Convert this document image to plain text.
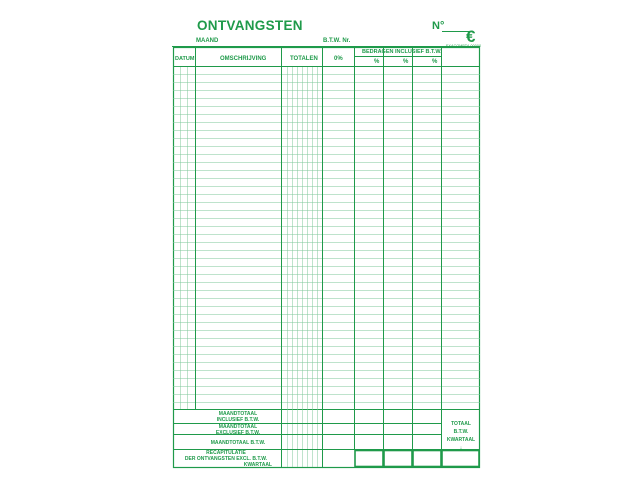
ONTVANGSTEN	N°
€
EXACOMPTA 00000
MAAND	B.T.W. Nr.
DATUM	OMSCHRIJVING	TOTALEN	0%
BEDRAGEN INCLUSIEF B.T.W.
%	%	%
MAANDTOTAAL
INCLUSIEF B.T.W.
MAANDTOTAAL
EXCLUSIEF B.T.W.
MAANDTOTAAL B.T.W.
RECAPITULATIE
DER ONTVANGSTEN EXCL. B.T.W.
KWARTAAL
TOTAAL
B.T.W.
KWARTAAL
↓
